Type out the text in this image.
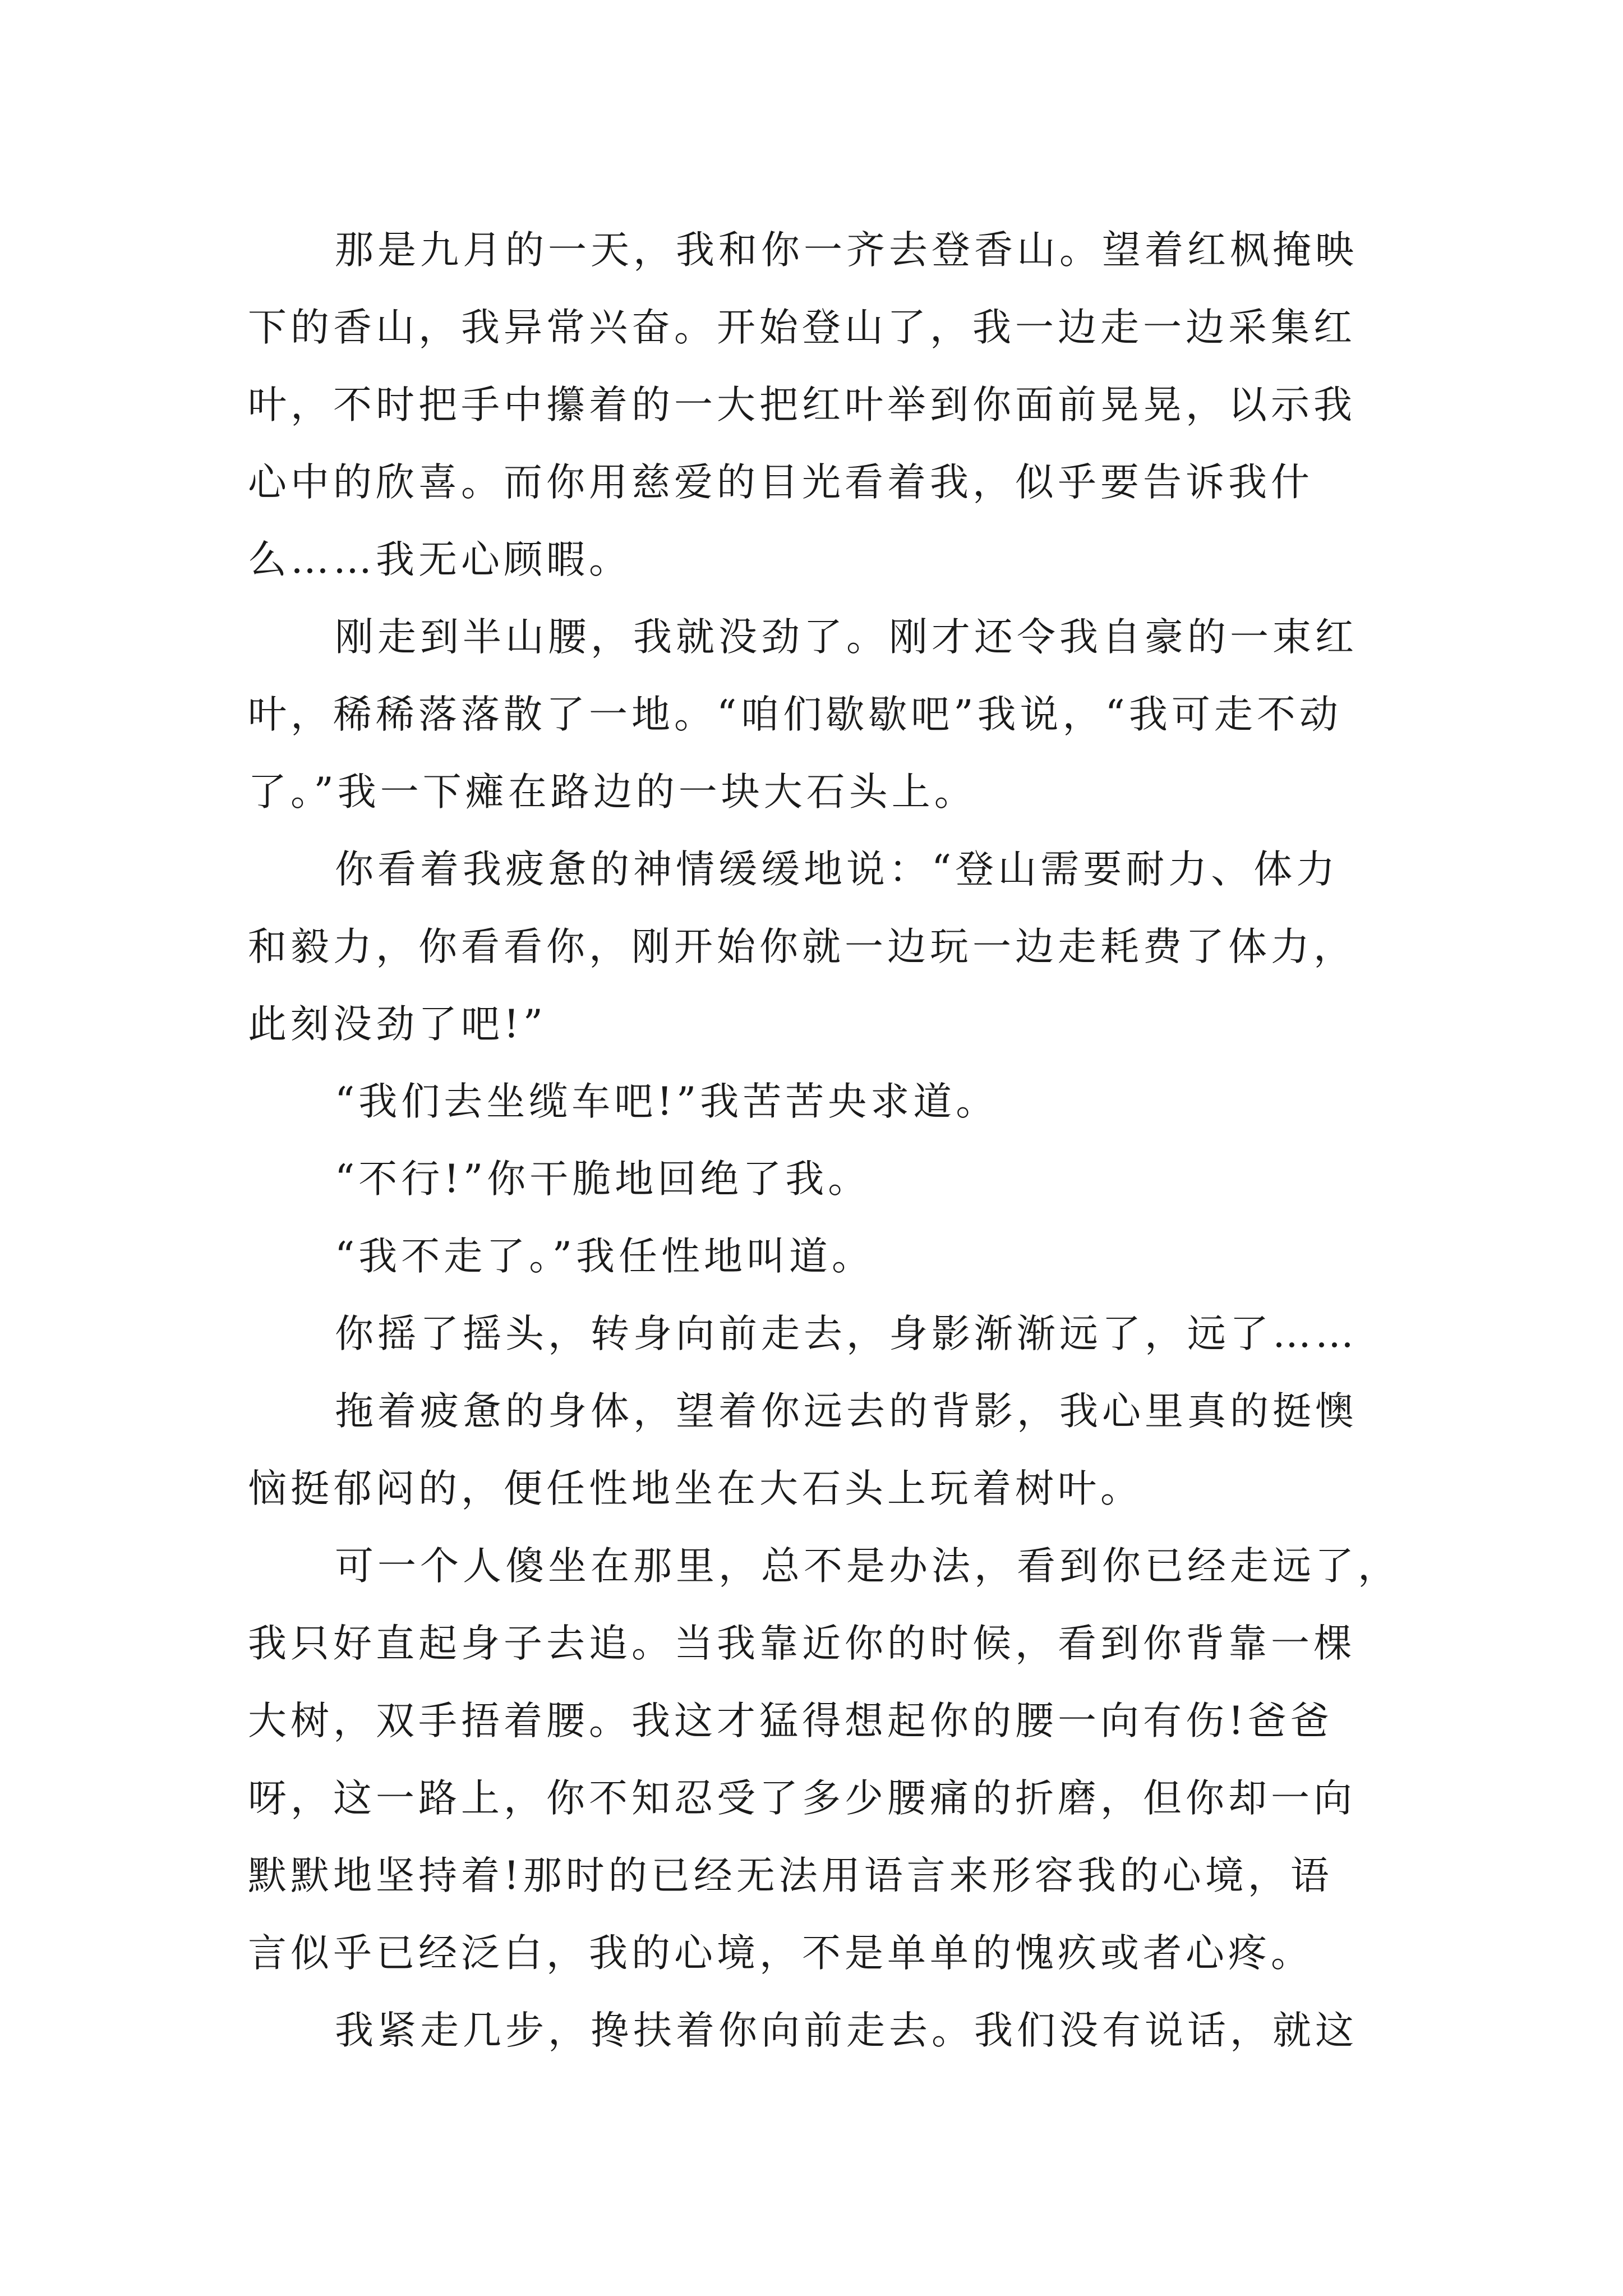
那是九月的一天，我和你一齐去登香山。望着红枫掩映
下的香山，我异常兴奋。开始登山了，我一边走一边采集红
叶，不时把手中攥着的一大把红叶举到你面前晃晃，以示我
心中的欣喜。而你用慈爱的目光看着我，似乎要告诉我什
么……我无心顾暇。

刚走到半山腰，我就没劲了。刚才还令我自豪的一束红
叶，稀稀落落散了一地。“咱们歇歇吧”我说，“我可走不动
了。”我一下瘫在路边的一块大石头上。

你看着我疲惫的神情缓缓地说：“登山需要耐力、体力
和毅力，你看看你，刚开始你就一边玩一边走耗费了体力，
此刻没劲了吧!”

“我们去坐缆车吧!”我苦苦央求道。

“不行!”你干脆地回绝了我。

“我不走了。”我任性地叫道。

你摇了摇头，转身向前走去，身影渐渐远了，远了……

拖着疲惫的身体，望着你远去的背影，我心里真的挺懊
恼挺郁闷的，便任性地坐在大石头上玩着树叶。

可一个人傻坐在那里，总不是办法，看到你已经走远了，
我只好直起身子去追。当我靠近你的时候，看到你背靠一棵
大树，双手捂着腰。我这才猛得想起你的腰一向有伤!爸爸
呀，这一路上，你不知忍受了多少腰痛的折磨，但你却一向
默默地坚持着!那时的已经无法用语言来形容我的心境，语
言似乎已经泛白，我的心境，不是单单的愧疚或者心疼。

我紧走几步，搀扶着你向前走去。我们没有说话，就这
